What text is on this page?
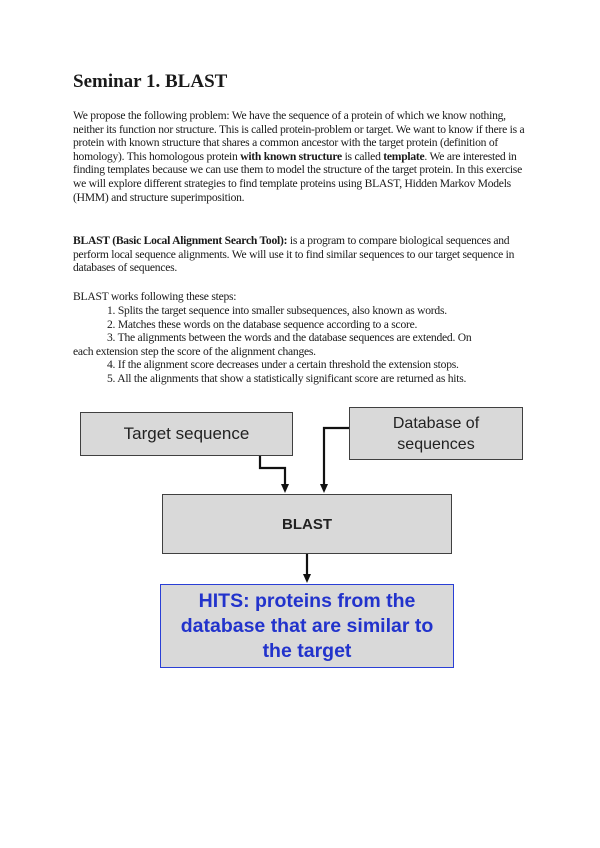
Seminar 1. BLAST

We propose the following problem: We have the sequence of a protein of which we know nothing, neither its function nor structure. This is called protein-problem or target. We want to know if there is a protein with known structure that shares a common ancestor with the target protein (definition of homology). This homologous protein with known structure is called template. We are interested in finding templates because we can use them to model the structure of the target protein. In this exercise we will explore different strategies to find template proteins using BLAST, Hidden Markov Models (HMM) and structure superimposition.

BLAST (Basic Local Alignment Search Tool): is a program to compare biological sequences and perform local sequence alignments. We will use it to find similar sequences to our target sequence in databases of sequences.

BLAST works following these steps:

1. Splits the target sequence into smaller subsequences, also known as words.
2. Matches these words on the database sequence according to a score.
3. The alignments between the words and the database sequences are extended. On
each extension step the score of the alignment changes.
4. If the alignment score decreases under a certain threshold the extension stops.
5. All the alignments that show a statistically significant score are returned as hits.
Target sequence
Database of
sequences
BLAST
HITS: proteins from the
database that are similar to
the target
